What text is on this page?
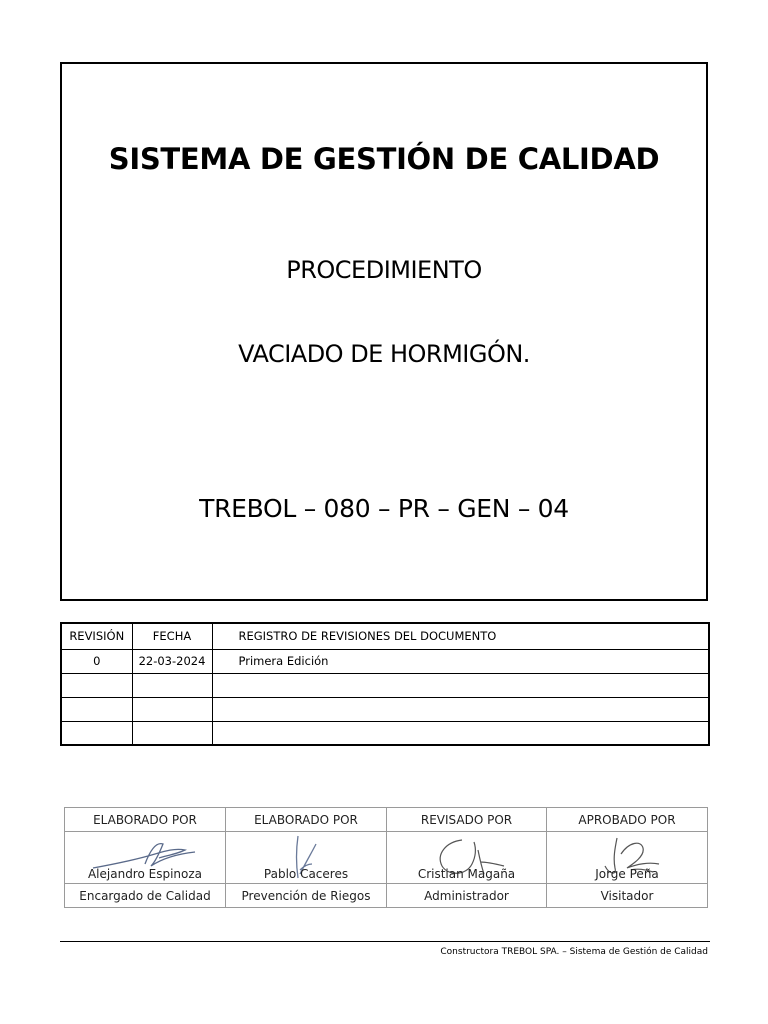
SISTEMA DE GESTIÓN DE CALIDAD
PROCEDIMIENTO
VACIADO DE HORMIGÓN.
TREBOL – 080 – PR – GEN – 04
REVISIÓN	FECHA	REGISTRO DE REVISIONES DEL DOCUMENTO
0	22-03-2024	Primera Edición

ELABORADO POR	ELABORADO POR	REVISADO POR	APROBADO POR

Alejandro Espinoza	Pablo Caceres	Cristian Magaña	Jorge Peña
Encargado de Calidad	Prevención de Riegos	Administrador	Visitador
Constructora TREBOL SPA. – Sistema de Gestión de Calidad
